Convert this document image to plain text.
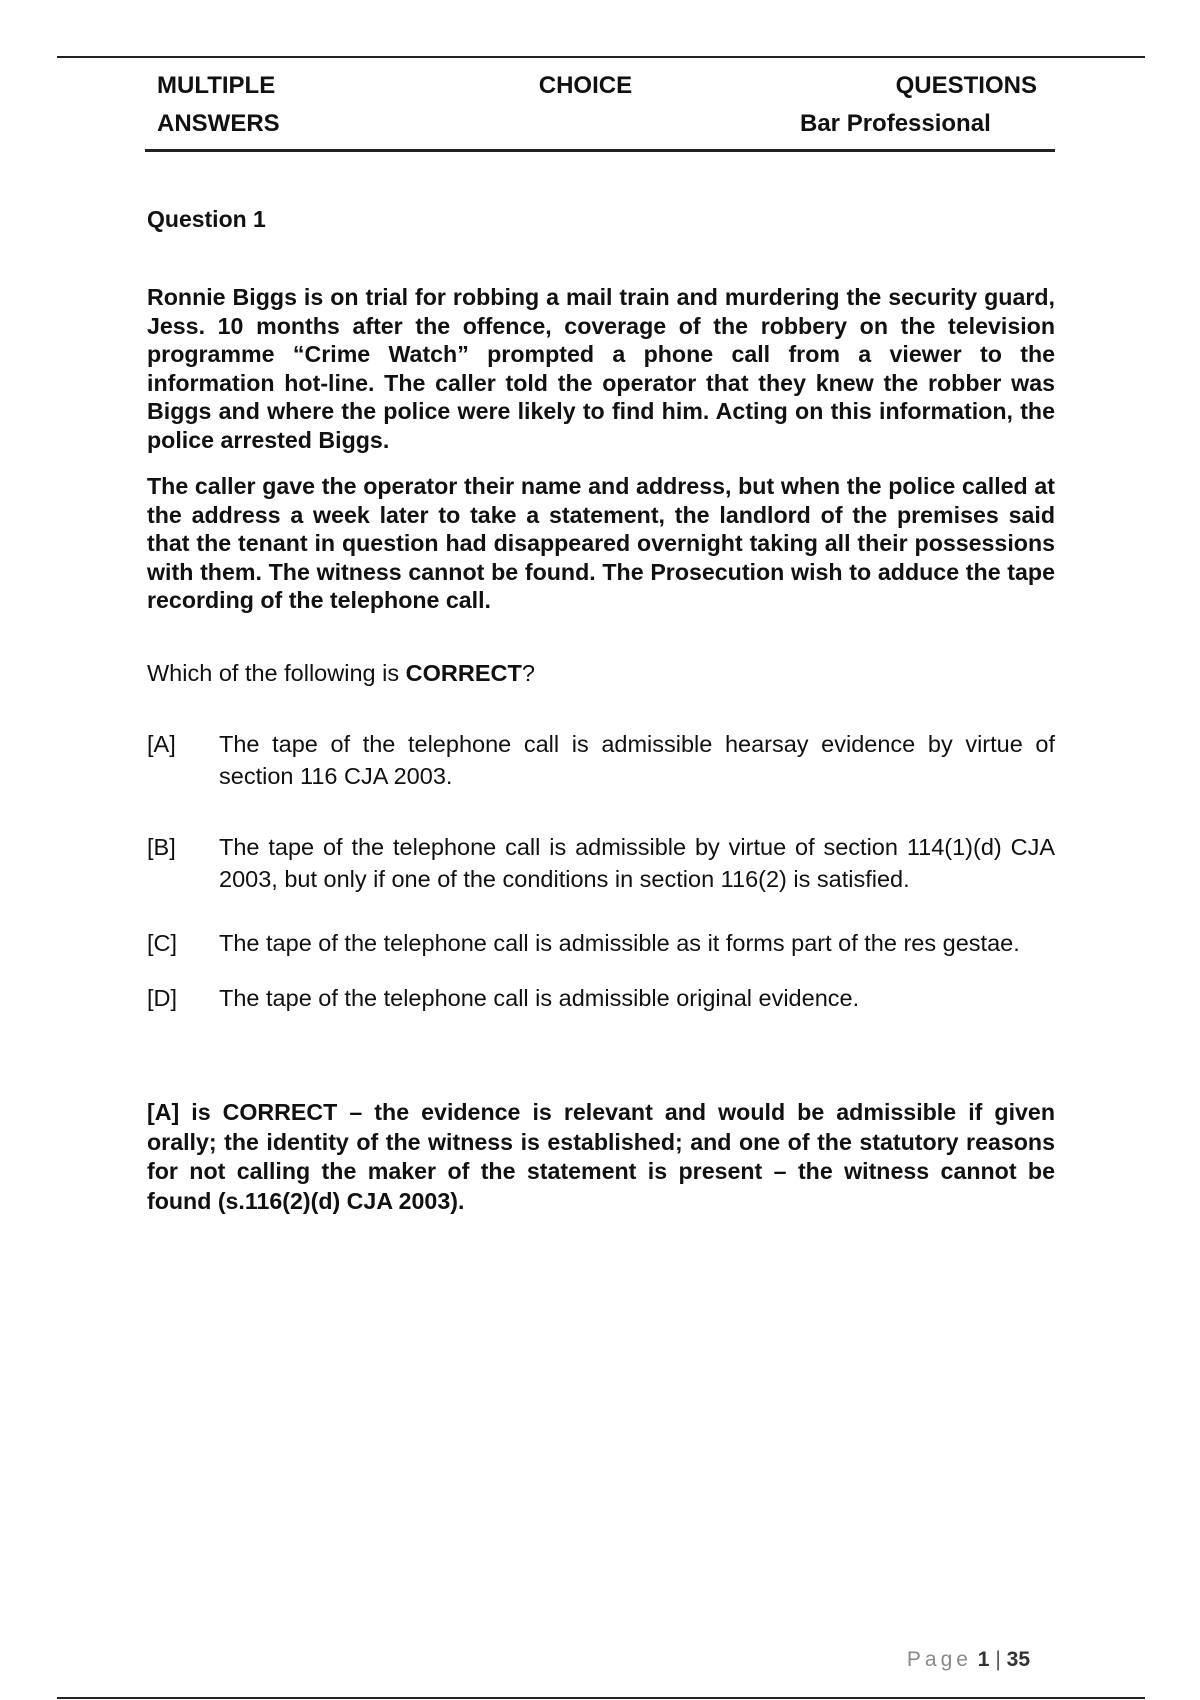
MULTIPLE	CHOICE	QUESTIONS
ANSWERS	Bar Professional
Question 1
Ronnie Biggs is on trial for robbing a mail train and murdering the security guard, Jess. 10 months after the offence, coverage of the robbery on the television programme “Crime Watch” prompted a phone call from a viewer to the information hot-line. The caller told the operator that they knew the robber was Biggs and where the police were likely to find him. Acting on this information, the police arrested Biggs.
The caller gave the operator their name and address, but when the police called at the address a week later to take a statement, the landlord of the premises said that the tenant in question had disappeared overnight taking all their possessions with them. The witness cannot be found. The Prosecution wish to adduce the tape recording of the telephone call.
Which of the following is CORRECT?
[A] The tape of the telephone call is admissible hearsay evidence by virtue of section 116 CJA 2003.
[B] The tape of the telephone call is admissible by virtue of section 114(1)(d) CJA 2003, but only if one of the conditions in section 116(2) is satisfied.
[C] The tape of the telephone call is admissible as it forms part of the res gestae.
[D] The tape of the telephone call is admissible original evidence.
[A] is CORRECT – the evidence is relevant and would be admissible if given orally; the identity of the witness is established; and one of the statutory reasons for not calling the maker of the statement is present – the witness cannot be found (s.116(2)(d) CJA 2003).
Page 1 | 35
